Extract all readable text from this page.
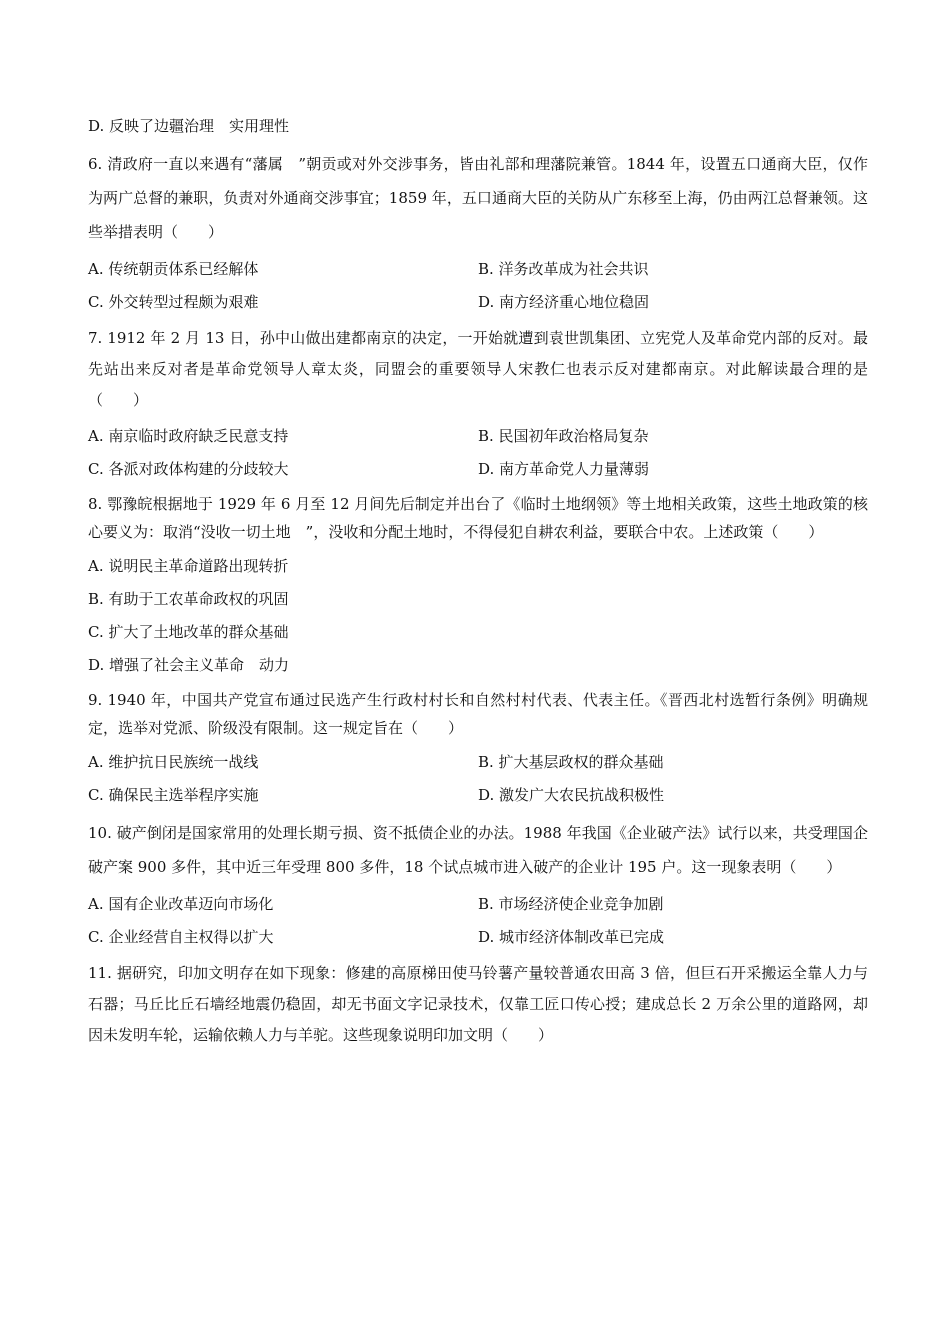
D. 反映了边疆治理　实用理性
6. 清政府一直以来遇有“藩属　”朝贡或对外交涉事务，皆由礼部和理藩院兼管。1844 年，设置五口通商大臣，仅作为两广总督的兼职，负责对外通商交涉事宜；1859 年，五口通商大臣的关防从广东移至上海，仍由两江总督兼领。这些举措表明（　　）
A. 传统朝贡体系已经解体	B. 洋务改革成为社会共识
C. 外交转型过程颇为艰难	D. 南方经济重心地位稳固
7. 1912 年 2 月 13 日，孙中山做出建都南京的决定，一开始就遭到袁世凯集团、立宪党人及革命党内部的反对。最先站出来反对者是革命党领导人章太炎，同盟会的重要领导人宋教仁也表示反对建都南京。对此解读最合理的是（　　）
A. 南京临时政府缺乏民意支持	B. 民国初年政治格局复杂
C. 各派对政体构建的分歧较大	D. 南方革命党人力量薄弱
8. 鄂豫皖根据地于 1929 年 6 月至 12 月间先后制定并出台了《临时土地纲领》等土地相关政策，这些土地政策的核心要义为：取消“没收一切土地　”，没收和分配土地时，不得侵犯自耕农利益，要联合中农。上述政策（　　）
A. 说明民主革命道路出现转折
B. 有助于工农革命政权的巩固
C. 扩大了土地改革的群众基础
D. 增强了社会主义革命　动力
9. 1940 年，中国共产党宣布通过民选产生行政村村长和自然村村代表、代表主任。《晋西北村选暂行条例》明确规定，选举对党派、阶级没有限制。这一规定旨在（　　）
A. 维护抗日民族统一战线	B. 扩大基层政权的群众基础
C. 确保民主选举程序实施	D. 激发广大农民抗战积极性
10. 破产倒闭是国家常用的处理长期亏损、资不抵债企业的办法。1988 年我国《企业破产法》试行以来，共受理国企破产案 900 多件，其中近三年受理 800 多件，18 个试点城市进入破产的企业计 195 户。这一现象表明（　　）
A. 国有企业改革迈向市场化	B. 市场经济使企业竞争加剧
C. 企业经营自主权得以扩大	D. 城市经济体制改革已完成
11. 据研究，印加文明存在如下现象：修建的高原梯田使马铃薯产量较普通农田高 3 倍，但巨石开采搬运全靠人力与石器；马丘比丘石墙经地震仍稳固，却无书面文字记录技术，仅靠工匠口传心授；建成总长 2 万余公里的道路网，却因未发明车轮，运输依赖人力与羊驼。这些现象说明印加文明（　　）
